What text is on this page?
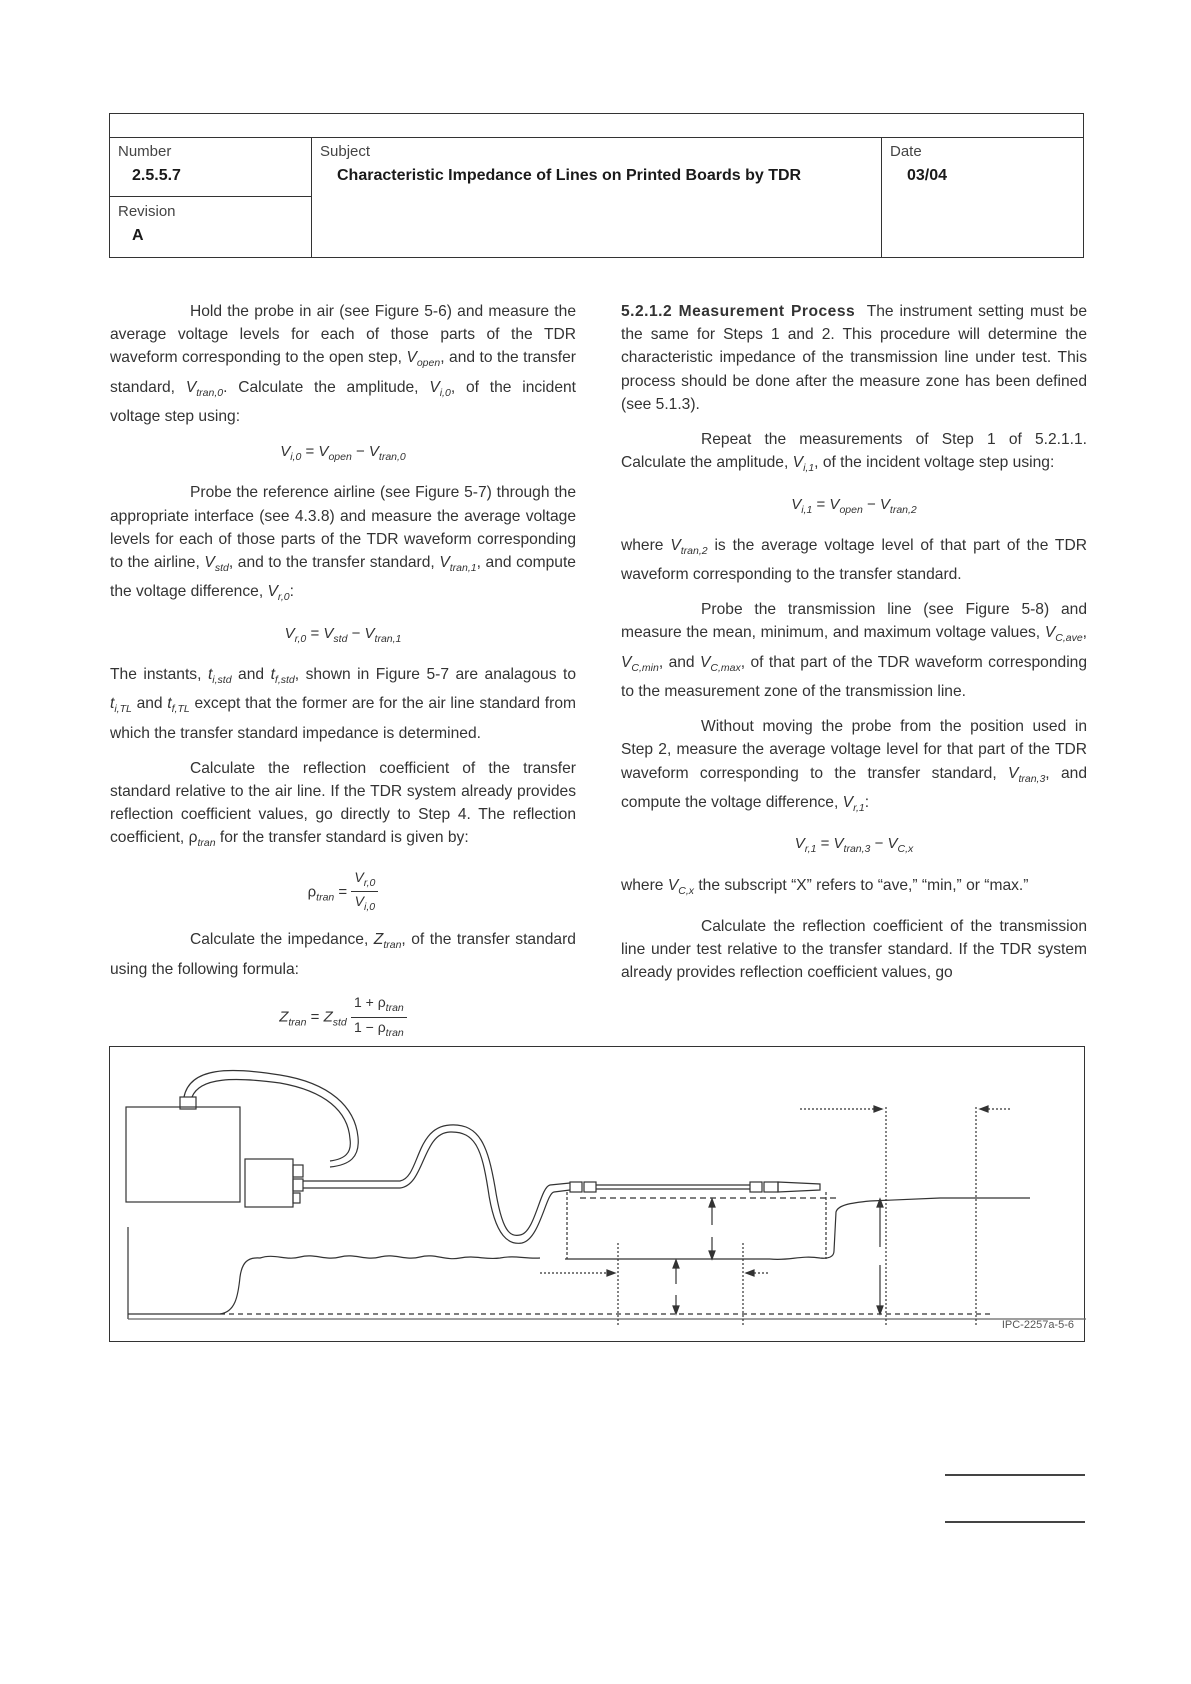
Number
2.5.5.7
Revision
A
Subject
Characteristic Impedance of Lines on Printed Boards by TDR
Date
03/04

Hold the probe in air (see Figure 5-6) and measure the average voltage levels for each of those parts of the TDR waveform corresponding to the open step, $V_{open}$, and to the transfer standard, $V_{tran,0}$. Calculate the amplitude, $V_{i,0}$, of the incident voltage step using:

$V_{i,0} = V_{open} - V_{tran,0}$

Probe the reference airline (see Figure 5-7) through the appropriate interface (see 4.3.8) and measure the average voltage levels for each of those parts of the TDR waveform corresponding to the airline, $V_{std}$, and to the transfer standard, $V_{tran,1}$, and compute the voltage difference, $V_{r,0}$:

$V_{r,0} = V_{std} - V_{tran,1}$

The instants, $t_{i,std}$ and $t_{f,std}$, shown in Figure 5-7 are analagous to $t_{i,TL}$ and $t_{f,TL}$ except that the former are for the air line standard from which the transfer standard impedance is determined.

Calculate the reflection coefficient of the transfer standard relative to the air line. If the TDR system already provides reflection coefficient values, go directly to Step 4. The reflection coefficient, $\rho_{tran}$ for the transfer standard is given by:

$\rho_{tran} = \frac{V_{r,0}}{V_{i,0}}$

Calculate the impedance, $Z_{tran}$, of the transfer standard using the following formula:

$Z_{tran} = Z_{std} \frac{1 + \rho_{tran}}{1 - \rho_{tran}}$

5.2.1.2 Measurement Process The instrument setting must be the same for Steps 1 and 2. This procedure will determine the characteristic impedance of the transmission line under test. This process should be done after the measure zone has been defined (see 5.1.3).

Repeat the measurements of Step 1 of 5.2.1.1. Calculate the amplitude, $V_{i,1}$, of the incident voltage step using:

$V_{i,1} = V_{open} - V_{tran,2}$

where $V_{tran,2}$ is the average voltage level of that part of the TDR waveform corresponding to the transfer standard.

Probe the transmission line (see Figure 5-8) and measure the mean, minimum, and maximum voltage values, $V_{C,ave}$, $V_{C,min}$, and $V_{C,max}$, of that part of the TDR waveform corresponding to the measurement zone of the transmission line.

Without moving the probe from the position used in Step 2, measure the average voltage level for that part of the TDR waveform corresponding to the transfer standard, $V_{tran,3}$, and compute the voltage difference, $V_{r,1}$:

$V_{r,1} = V_{tran,3} - V_{C,x}$

where $V_{C,x}$ the subscript “X” refers to “ave,” “min,” or “max.”

Calculate the reflection coefficient of the transmission line under test relative to the transfer standard. If the TDR system already provides reflection coefficient values, go

IPC-2257a-5-6
